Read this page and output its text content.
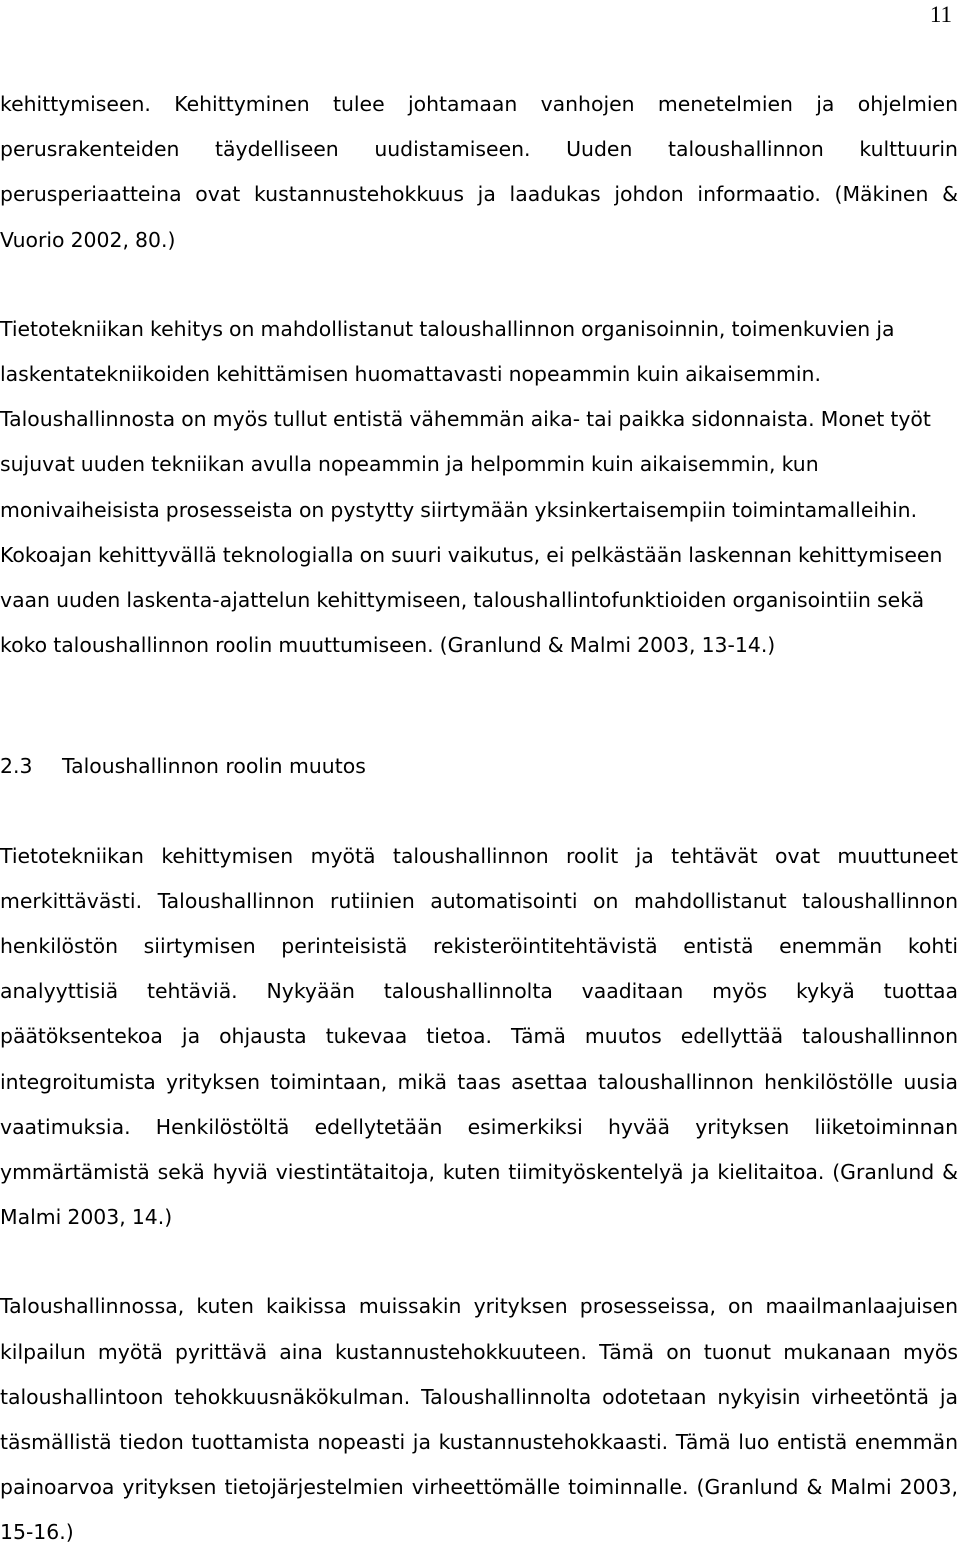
11

kehittymiseen. Kehittyminen tulee johtamaan vanhojen menetelmien ja ohjelmien perusrakenteiden täydelliseen uudistamiseen. Uuden taloushallinnon kulttuurin perusperiaatteina ovat kustannustehokkuus ja laadukas johdon informaatio. (Mäkinen & Vuorio 2002, 80.)

Tietotekniikan kehitys on mahdollistanut taloushallinnon organisoinnin, toimenkuvien ja laskentatekniikoiden kehittämisen huomattavasti nopeammin kuin aikaisemmin. Taloushallinnosta on myös tullut entistä vähemmän aika- tai paikka sidonnaista. Monet työt sujuvat uuden tekniikan avulla nopeammin ja helpommin kuin aikaisemmin, kun monivaiheisista prosesseista on pystytty siirtymään yksinkertaisempiin toimintamalleihin. Kokoajan kehittyvällä teknologialla on suuri vaikutus, ei pelkästään laskennan kehittymiseen vaan uuden laskenta-ajattelun kehittymiseen, taloushallintofunktioiden organisointiin sekä koko taloushallinnon roolin muuttumiseen. (Granlund & Malmi 2003, 13-14.)

2.3 Taloushallinnon roolin muutos

Tietotekniikan kehittymisen myötä taloushallinnon roolit ja tehtävät ovat muuttuneet merkittävästi. Taloushallinnon rutiinien automatisointi on mahdollistanut taloushallinnon henkilöstön siirtymisen perinteisistä rekisteröintitehtävistä entistä enemmän kohti analyyttisiä tehtäviä. Nykyään taloushallinnolta vaaditaan myös kykyä tuottaa päätöksentekoa ja ohjausta tukevaa tietoa. Tämä muutos edellyttää taloushallinnon integroitumista yrityksen toimintaan, mikä taas asettaa taloushallinnon henkilöstölle uusia vaatimuksia. Henkilöstöltä edellytetään esimerkiksi hyvää yrityksen liiketoiminnan ymmärtämistä sekä hyviä viestintätaitoja, kuten tiimityöskentelyä ja kielitaitoa. (Granlund & Malmi 2003, 14.)

Taloushallinnossa, kuten kaikissa muissakin yrityksen prosesseissa, on maailmanlaajuisen kilpailun myötä pyrittävä aina kustannustehokkuuteen. Tämä on tuonut mukanaan myös taloushallintoon tehokkuusnäkökulman. Taloushallinnolta odotetaan nykyisin virheetöntä ja täsmällistä tiedon tuottamista nopeasti ja kustannustehokkaasti. Tämä luo entistä enemmän painoarvoa yrityksen tietojärjestelmien virheettömälle toiminnalle. (Granlund & Malmi 2003, 15-16.)
